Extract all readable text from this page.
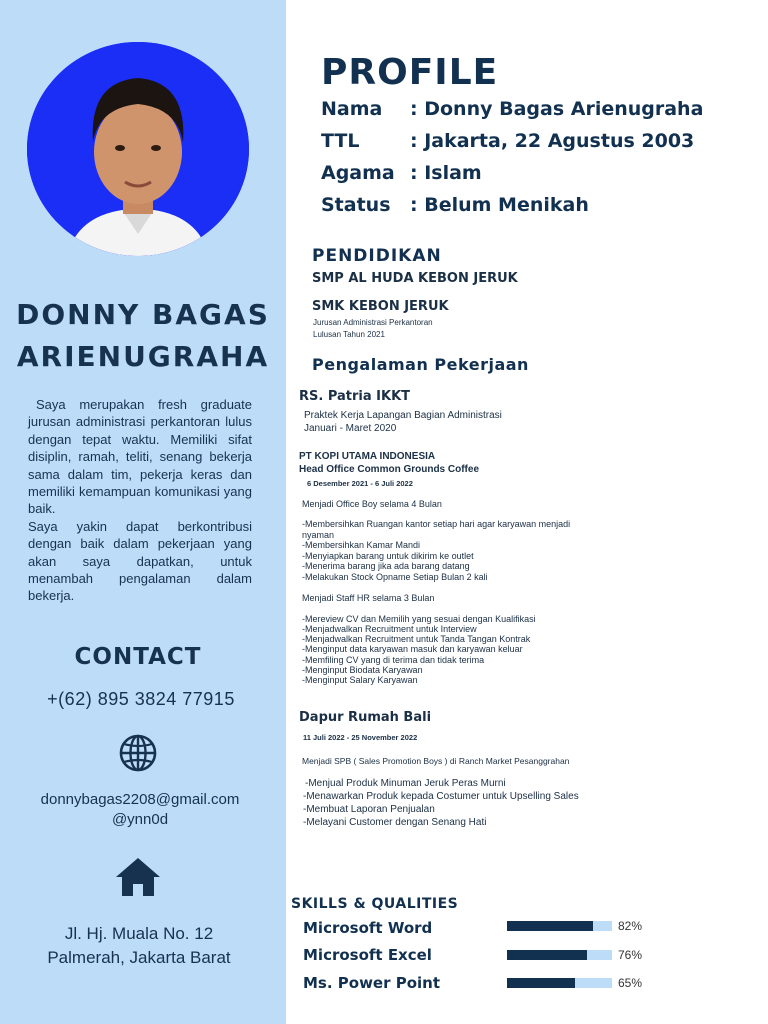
DONNY BAGAS
ARIENUGRAHA

Saya merupakan fresh graduate jurusan administrasi perkantoran lulus dengan tepat waktu. Memiliki sifat disiplin, ramah, teliti, senang bekerja sama dalam tim, pekerja keras dan memiliki kemampuan komunikasi yang baik.

Saya yakin dapat berkontribusi dengan baik dalam pekerjaan yang akan saya dapatkan, untuk menambah pengalaman dalam bekerja.

CONTACT
+(62) 895 3824 77915
donnybagas2208@gmail.com
@ynn0d
Jl. Hj. Muala No. 12
Palmerah, Jakarta Barat
PROFILE
Nama : Donny Bagas Arienugraha
TTL	: Jakarta, 22 Agustus 2003
Agama : Islam
Status : Belum Menikah
PENDIDIKAN
SMP AL HUDA KEBON JERUK
SMK KEBON JERUK
Jurusan Administrasi Perkantoran
Lulusan Tahun 2021
Pengalaman Pekerjaan
RS. Patria IKKT
Praktek Kerja Lapangan Bagian Administrasi
Januari - Maret 2020
PT KOPI UTAMA INDONESIA
Head Office Common Grounds Coffee
6 Desember 2021 - 6 Juli 2022
Menjadi Office Boy selama 4 Bulan
-Membersihkan Ruangan kantor setiap hari agar karyawan menjadi
nyaman
-Membersihkan Kamar Mandi
-Menyiapkan barang untuk dikirim ke outlet
-Menerima barang jika ada barang datang
-Melakukan Stock Opname Setiap Bulan 2 kali
Menjadi Staff HR selama 3 Bulan
-Mereview CV dan Memilih yang sesuai dengan Kualifikasi
-Menjadwalkan Recruitment untuk Interview
-Menjadwalkan Recruitment untuk Tanda Tangan Kontrak
-Menginput data karyawan masuk dan karyawan keluar
-Memfiling CV yang di terima dan tidak terima
-Menginput Biodata Karyawan
-Menginput Salary Karyawan
Dapur Rumah Bali
11 Juli 2022 - 25 November 2022
Menjadi SPB ( Sales Promotion Boys ) di Ranch Market Pesanggrahan
-Menjual Produk Minuman Jeruk Peras Murni
-Menawarkan Produk kepada Costumer untuk Upselling Sales
-Membuat Laporan Penjualan
-Melayani Customer dengan Senang Hati
SKILLS & QUALITIES
Microsoft Word	82%
Microsoft Excel	76%
Ms. Power Point	65%
